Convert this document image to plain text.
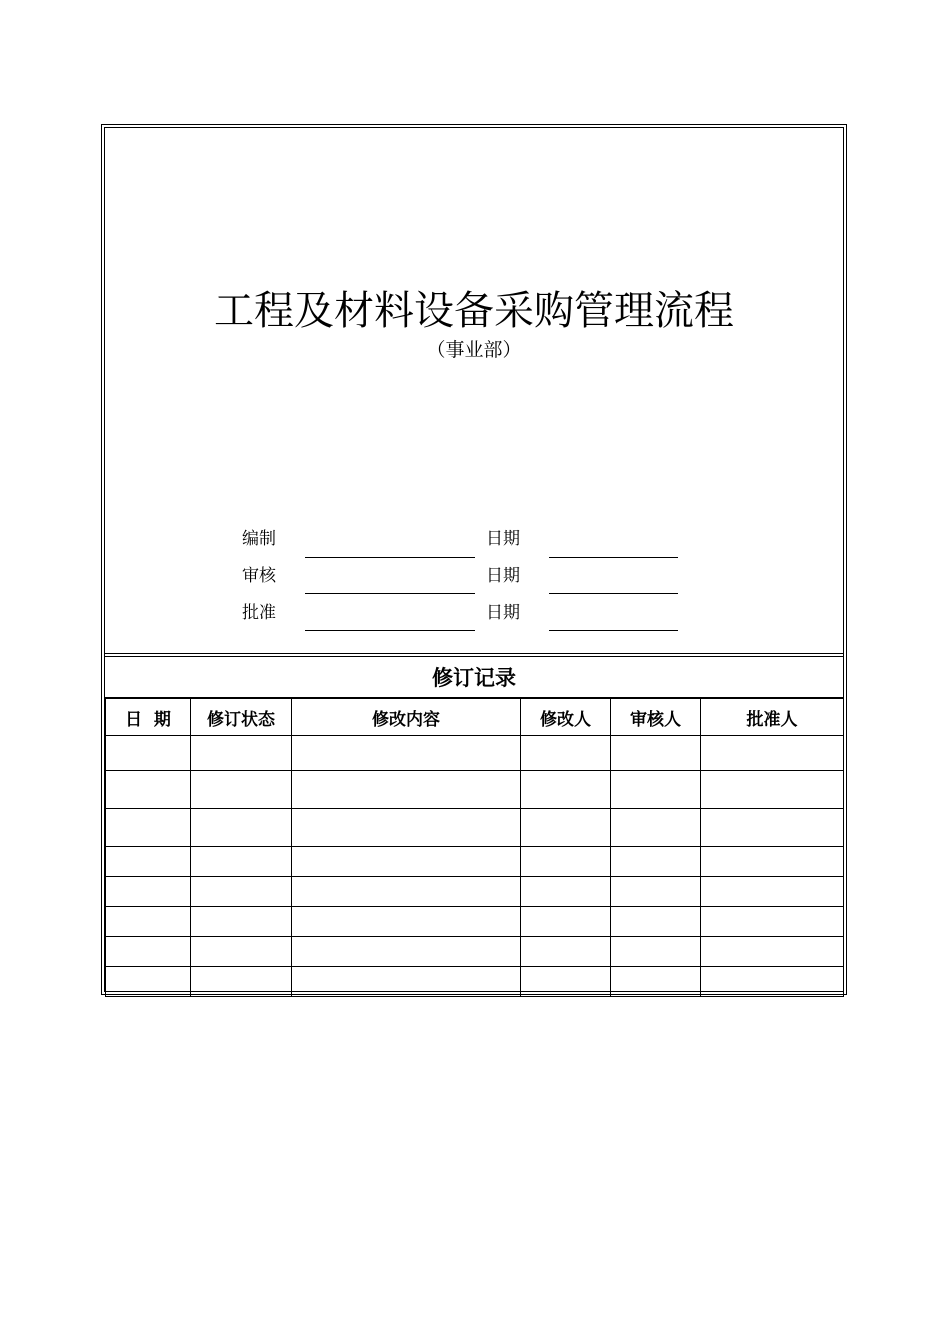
工程及材料设备采购管理流程
（事业部）
编制	日期
审核	日期
批准	日期
修订记录
日  期	修订状态	修改内容	修改人	审核人	批准人
